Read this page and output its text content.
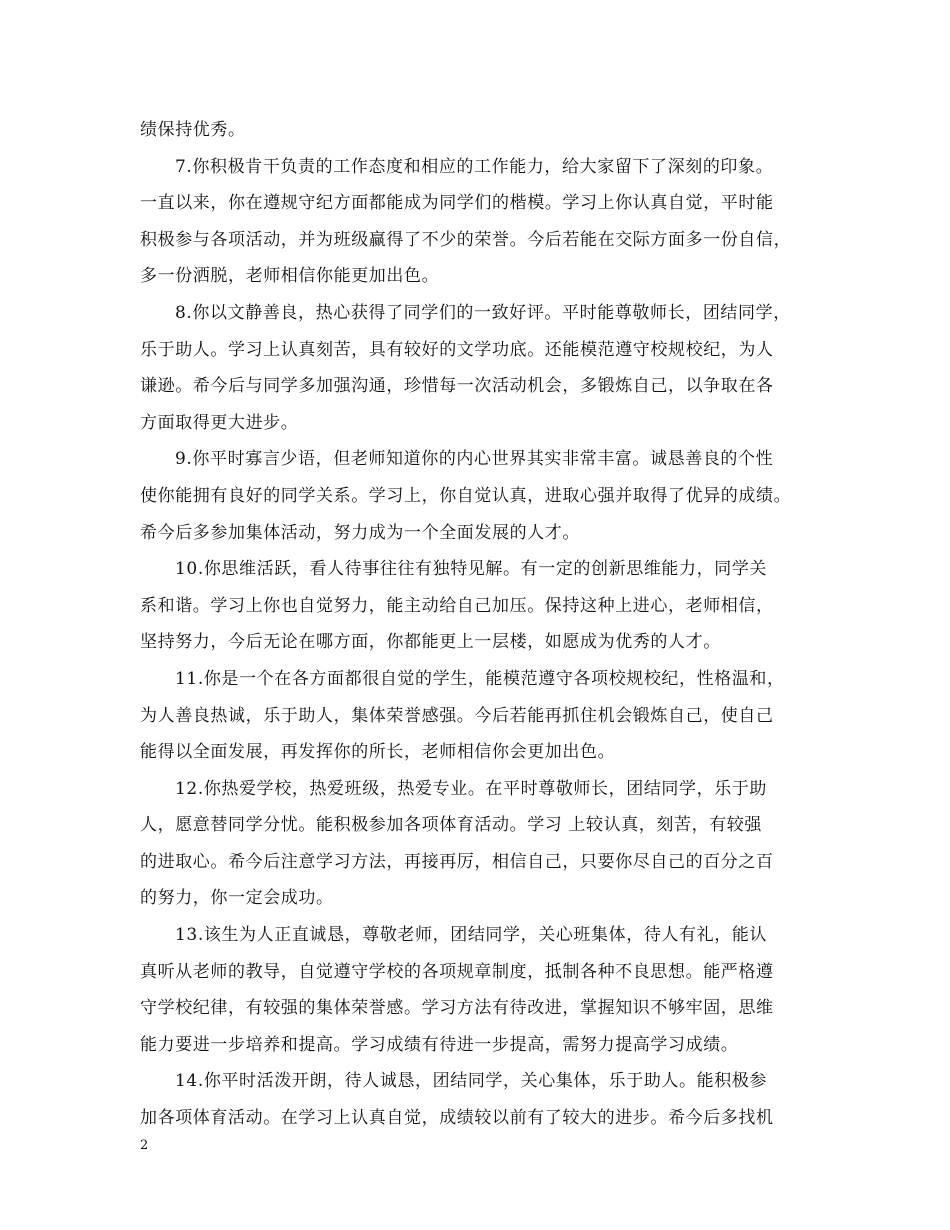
绩保持优秀。
7.你积极肯干负责的工作态度和相应的工作能力，给大家留下了深刻的印象。
一直以来，你在遵规守纪方面都能成为同学们的楷模。学习上你认真自觉，平时能
积极参与各项活动，并为班级赢得了不少的荣誉。今后若能在交际方面多一份自信，
多一份洒脱，老师相信你能更加出色。
8.你以文静善良，热心获得了同学们的一致好评。平时能尊敬师长，团结同学，
乐于助人。学习上认真刻苦，具有较好的文学功底。还能模范遵守校规校纪，为人
谦逊。希今后与同学多加强沟通，珍惜每一次活动机会，多锻炼自己，以争取在各
方面取得更大进步。
9.你平时寡言少语，但老师知道你的内心世界其实非常丰富。诚恳善良的个性
使你能拥有良好的同学关系。学习上，你自觉认真，进取心强并取得了优异的成绩。
希今后多参加集体活动，努力成为一个全面发展的人才。
10.你思维活跃，看人待事往往有独特见解。有一定的创新思维能力，同学关
系和谐。学习上你也自觉努力，能主动给自己加压。保持这种上进心，老师相信，
坚持努力，今后无论在哪方面，你都能更上一层楼，如愿成为优秀的人才。
11.你是一个在各方面都很自觉的学生，能模范遵守各项校规校纪，性格温和，
为人善良热诚，乐于助人，集体荣誉感强。今后若能再抓住机会锻炼自己，使自己
能得以全面发展，再发挥你的所长，老师相信你会更加出色。
12.你热爱学校，热爱班级，热爱专业。在平时尊敬师长，团结同学，乐于助
人，愿意替同学分忧。能积极参加各项体育活动。学习 上较认真，刻苦，有较强
的进取心。希今后注意学习方法，再接再厉，相信自己，只要你尽自己的百分之百
的努力，你一定会成功。
13.该生为人正直诚恳，尊敬老师，团结同学，关心班集体，待人有礼，能认
真听从老师的教导，自觉遵守学校的各项规章制度，抵制各种不良思想。能严格遵
守学校纪律，有较强的集体荣誉感。学习方法有待改进，掌握知识不够牢固，思维
能力要进一步培养和提高。学习成绩有待进一步提高，需努力提高学习成绩。
14.你平时活泼开朗，待人诚恳，团结同学，关心集体，乐于助人。能积极参
加各项体育活动。在学习上认真自觉，成绩较以前有了较大的进步。希今后多找机
2
